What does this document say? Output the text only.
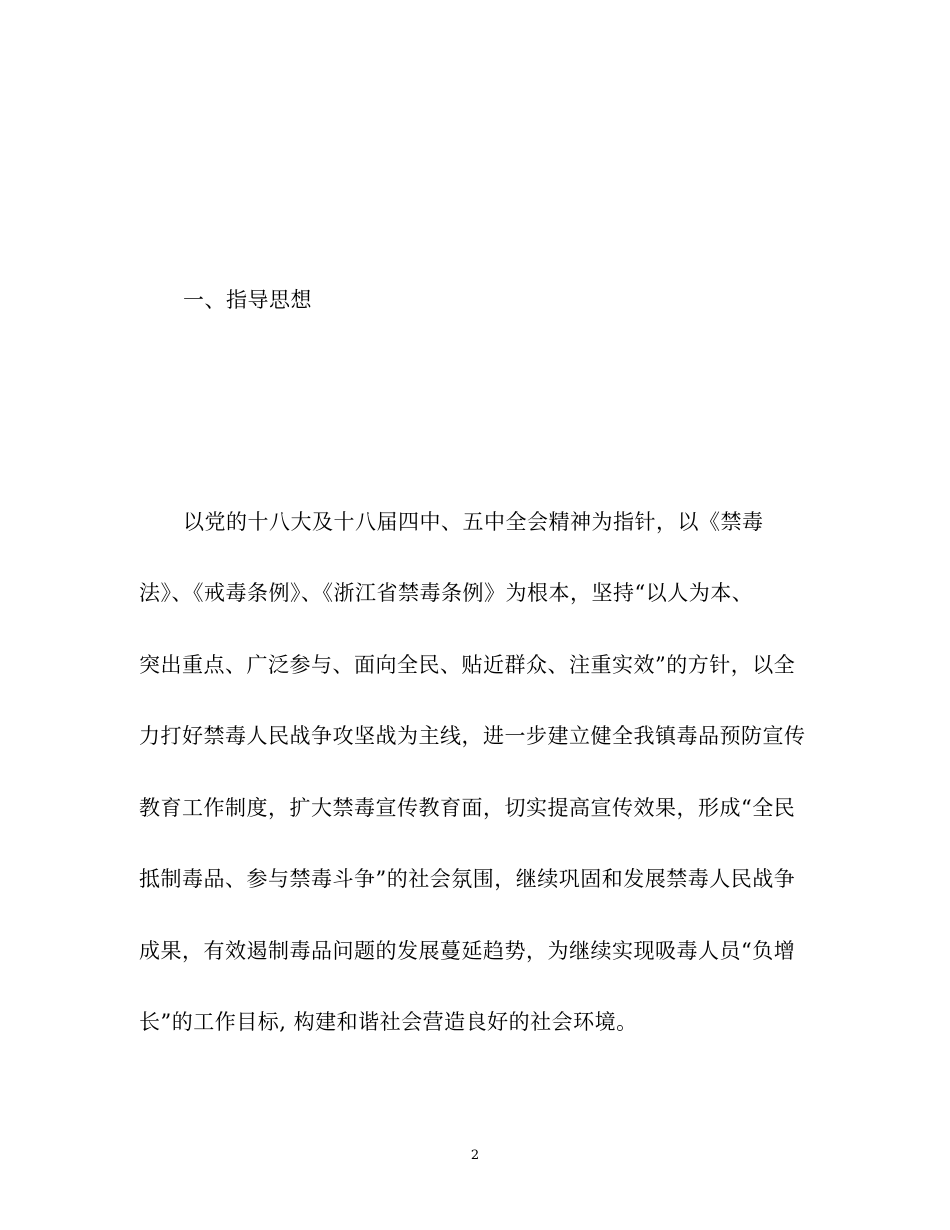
一、指导思想
以党的十八大及十八届四中、五中全会精神为指针，以《禁毒
法》、《戒毒条例》、《浙江省禁毒条例》为根本，坚持“以人为本、
突出重点、广泛参与、面向全民、贴近群众、注重实效”的方针，以全
力打好禁毒人民战争攻坚战为主线，进一步建立健全我镇毒品预防宣传
教育工作制度，扩大禁毒宣传教育面，切实提高宣传效果，形成“全民
抵制毒品、参与禁毒斗争”的社会氛围，继续巩固和发展禁毒人民战争
成果，有效遏制毒品问题的发展蔓延趋势，为继续实现吸毒人员“负增
长”的工作目标, 构建和谐社会营造良好的社会环境。
2
